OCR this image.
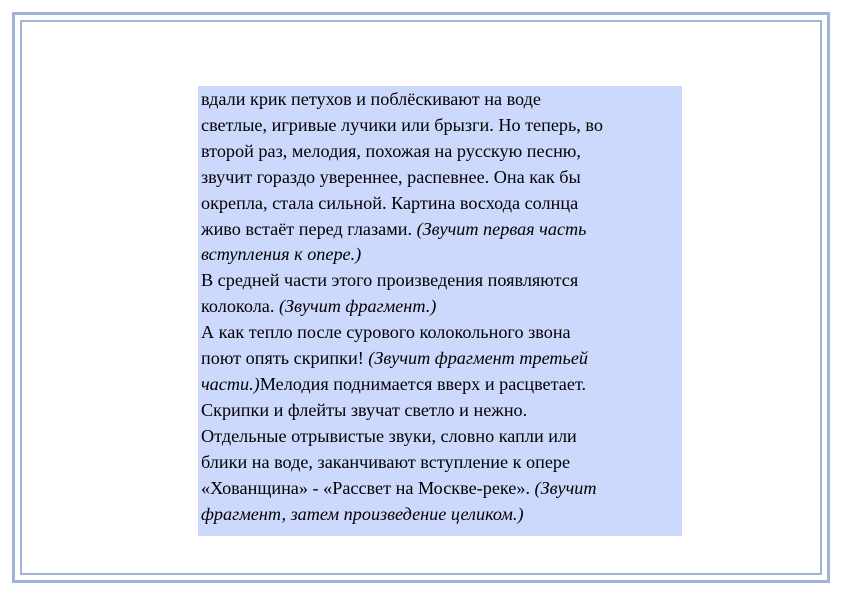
вдали крик петухов и поблёскивают на воде
светлые, игривые лучики или брызги. Но теперь, во
второй раз, мелодия, похожая на русскую песню,
звучит гораздо увереннее, распевнее. Она как бы
окрепла, стала сильной. Картина восхода солнца
живо встаёт перед глазами. (Звучит первая часть
вступления к опере.)
В средней части этого произведения появляются
колокола. (Звучит фрагмент.)
А как тепло после сурового колокольного звона
поют опять скрипки! (Звучит фрагмент третьей
части.)Мелодия поднимается вверх и расцветает.
Скрипки и флейты звучат светло и нежно.
Отдельные отрывистые звуки, словно капли или
блики на воде, заканчивают вступление к опере
«Хованщина» - «Рассвет на Москве-реке». (Звучит
фрагмент, затем произведение целиком.)
